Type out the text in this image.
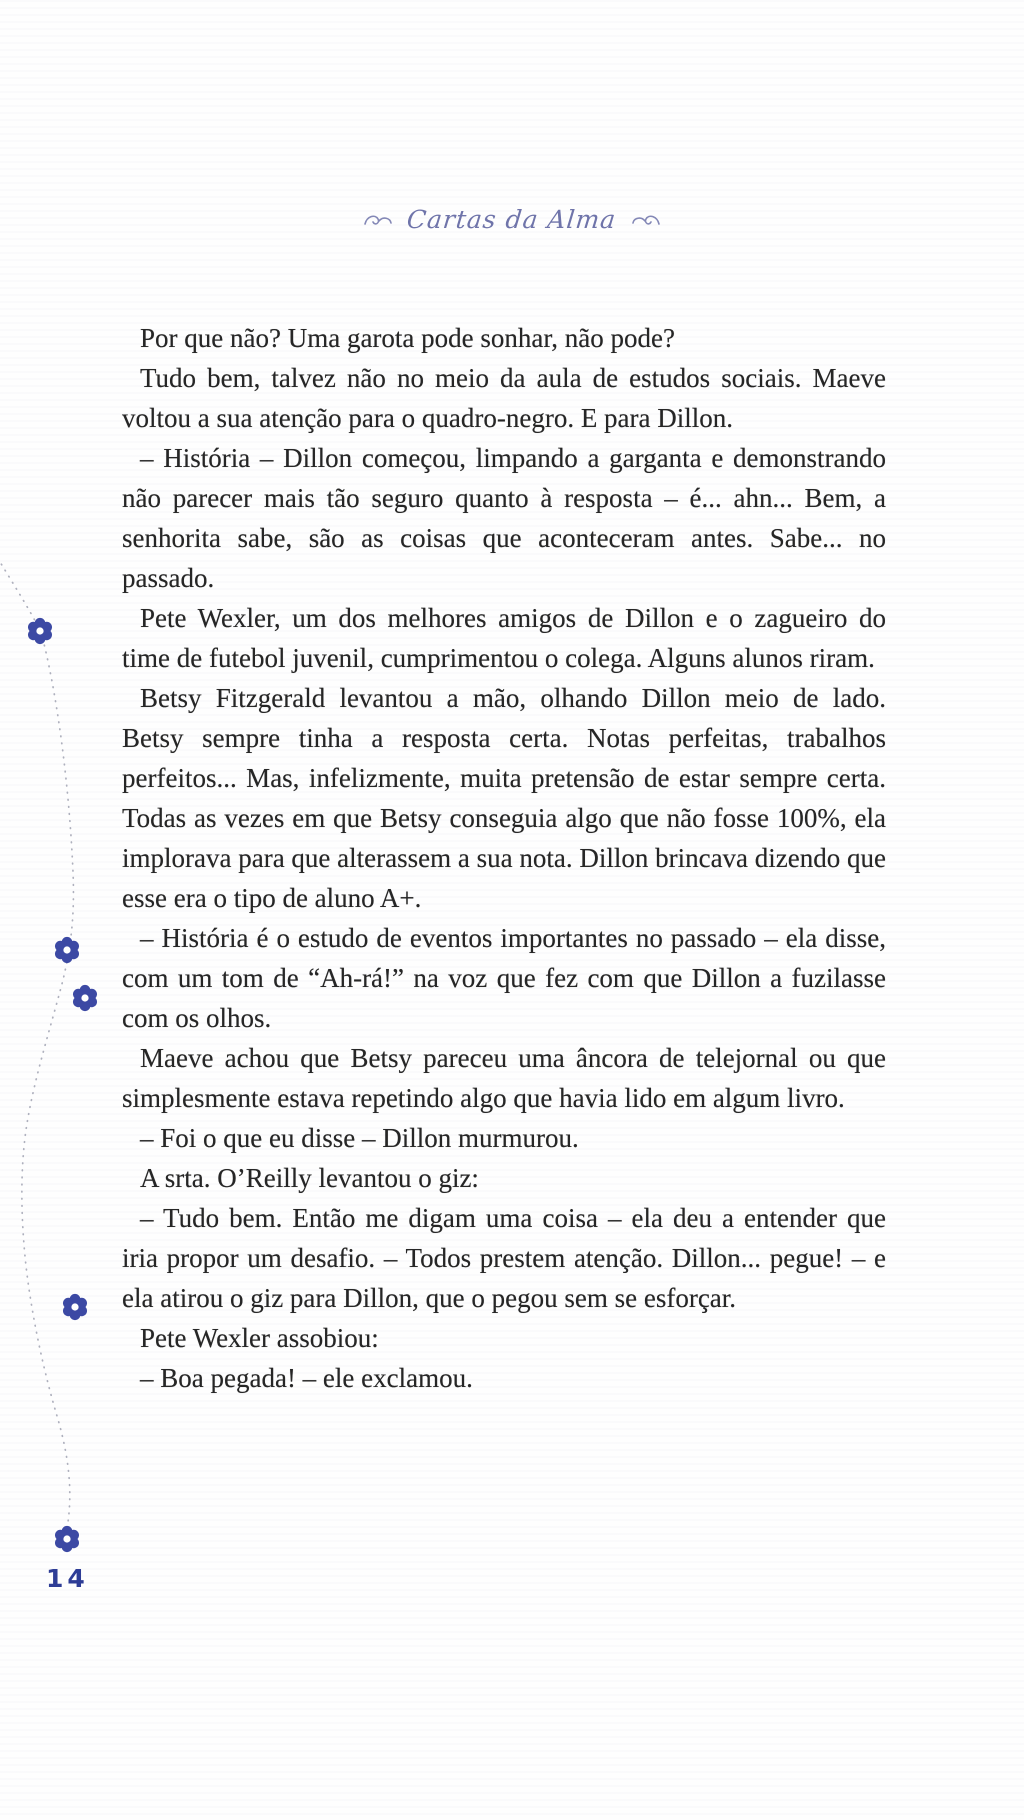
Cartas da Alma

Por que não? Uma garota pode sonhar, não pode?

Tudo bem, talvez não no meio da aula de estudos sociais. Maeve voltou a sua atenção para o quadro-negro. E para Dillon.

– História – Dillon começou, limpando a garganta e demonstrando não parecer mais tão seguro quanto à resposta – é... ahn... Bem, a senhorita sabe, são as coisas que aconteceram antes. Sabe... no passado.

Pete Wexler, um dos melhores amigos de Dillon e o zagueiro do time de futebol juvenil, cumprimentou o colega. Alguns alunos riram.

Betsy Fitzgerald levantou a mão, olhando Dillon meio de lado. Betsy sempre tinha a resposta certa. Notas perfeitas, trabalhos perfeitos... Mas, infelizmente, muita pretensão de estar sempre certa. Todas as vezes em que Betsy conseguia algo que não fosse 100%, ela implorava para que alterassem a sua nota. Dillon brincava dizendo que esse era o tipo de aluno A+.

– História é o estudo de eventos importantes no passado – ela disse, com um tom de “Ah-rá!” na voz que fez com que Dillon a fuzilasse com os olhos.

Maeve achou que Betsy pareceu uma âncora de telejornal ou que simplesmente estava repetindo algo que havia lido em algum livro.

– Foi o que eu disse – Dillon murmurou.

A srta. O’Reilly levantou o giz:

– Tudo bem. Então me digam uma coisa – ela deu a entender que iria propor um desafio. – Todos prestem atenção. Dillon... pegue! – e ela atirou o giz para Dillon, que o pegou sem se esforçar.

Pete Wexler assobiou:

– Boa pegada! – ele exclamou.

14
